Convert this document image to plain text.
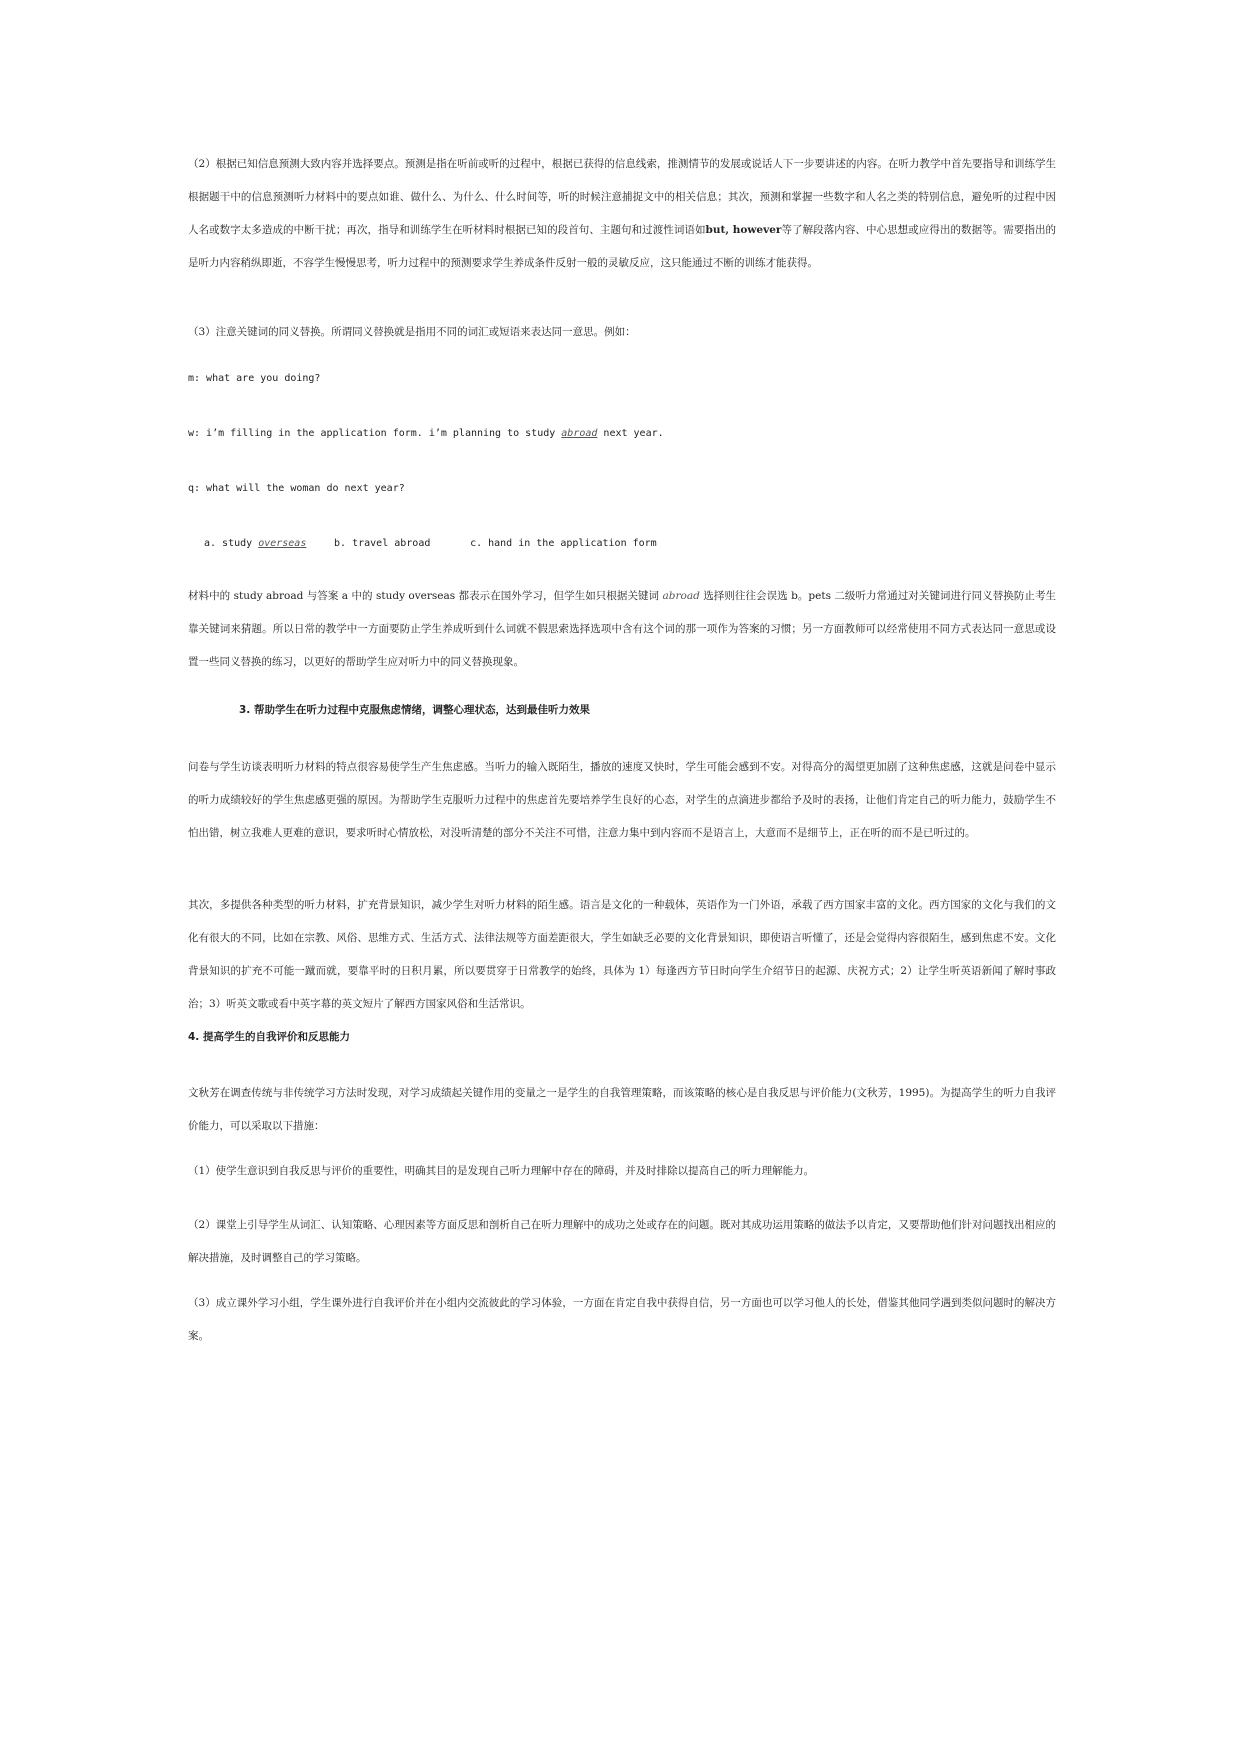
（2）根据已知信息预测大致内容并选择要点。预测是指在听前或听的过程中，根据已获得的信息线索，推测情节的发展或说话人下一步要讲述的内容。在听力教学中首先要指导和训练学生根据题干中的信息预测听力材料中的要点如谁、做什么、为什么、什么时间等，听的时候注意捕捉文中的相关信息；其次，预测和掌握一些数字和人名之类的特别信息，避免听的过程中因人名或数字太多造成的中断干扰；再次，指导和训练学生在听材料时根据已知的段首句、主题句和过渡性词语如but, however等了解段落内容、中心思想或应得出的数据等。需要指出的是听力内容稍纵即逝，不容学生慢慢思考，听力过程中的预测要求学生养成条件反射一般的灵敏反应，这只能通过不断的训练才能获得。

（3）注意关键词的同义替换。所谓同义替换就是指用不同的词汇或短语来表达同一意思。例如：

m: what are you doing?
w: i’m filling in the application form. i’m planning to study abroad next year.
q: what will the woman do next year?
a. study overseas	b. travel abroad	c. hand in the application form

材料中的 study abroad 与答案 a 中的 study overseas 都表示在国外学习，但学生如只根据关键词 abroad 选择则往往会误选 b。pets 二级听力常通过对关键词进行同义替换防止考生靠关键词来猜题。所以日常的教学中一方面要防止学生养成听到什么词就不假思索选择选项中含有这个词的那一项作为答案的习惯；另一方面教师可以经常使用不同方式表达同一意思或设置一些同义替换的练习，以更好的帮助学生应对听力中的同义替换现象。

3. 帮助学生在听力过程中克服焦虑情绪，调整心理状态，达到最佳听力效果

问卷与学生访谈表明听力材料的特点很容易使学生产生焦虑感。当听力的输入既陌生，播放的速度又快时，学生可能会感到不安。对得高分的渴望更加剧了这种焦虑感，这就是问卷中显示的听力成绩较好的学生焦虑感更强的原因。为帮助学生克服听力过程中的焦虑首先要培养学生良好的心态，对学生的点滴进步都给予及时的表扬，让他们肯定自己的听力能力，鼓励学生不怕出错，树立我难人更难的意识，要求听时心情放松，对没听清楚的部分不关注不可惜，注意力集中到内容而不是语言上，大意而不是细节上，正在听的而不是已听过的。

其次，多提供各种类型的听力材料，扩充背景知识，减少学生对听力材料的陌生感。语言是文化的一种载体，英语作为一门外语，承载了西方国家丰富的文化。西方国家的文化与我们的文化有很大的不同，比如在宗教、风俗、思维方式、生活方式、法律法规等方面差距很大，学生如缺乏必要的文化背景知识，即使语言听懂了，还是会觉得内容很陌生，感到焦虑不安。文化背景知识的扩充不可能一蹴而就，要靠平时的日积月累，所以要贯穿于日常教学的始终，具体为 1）每逢西方节日时向学生介绍节日的起源、庆祝方式；2）让学生听英语新闻了解时事政治；3）听英文歌或看中英字幕的英文短片了解西方国家风俗和生活常识。

4. 提高学生的自我评价和反思能力

文秋芳在调查传统与非传统学习方法时发现，对学习成绩起关键作用的变量之一是学生的自我管理策略，而该策略的核心是自我反思与评价能力(文秋芳，1995)。为提高学生的听力自我评价能力，可以采取以下措施：

（1）使学生意识到自我反思与评价的重要性，明确其目的是发现自己听力理解中存在的障碍，并及时排除以提高自己的听力理解能力。

（2）课堂上引导学生从词汇、认知策略、心理因素等方面反思和剖析自己在听力理解中的成功之处或存在的问题。既对其成功运用策略的做法予以肯定，又要帮助他们针对问题找出相应的解决措施，及时调整自己的学习策略。

（3）成立课外学习小组，学生课外进行自我评价并在小组内交流彼此的学习体验，一方面在肯定自我中获得自信，另一方面也可以学习他人的长处，借鉴其他同学遇到类似问题时的解决方案。
